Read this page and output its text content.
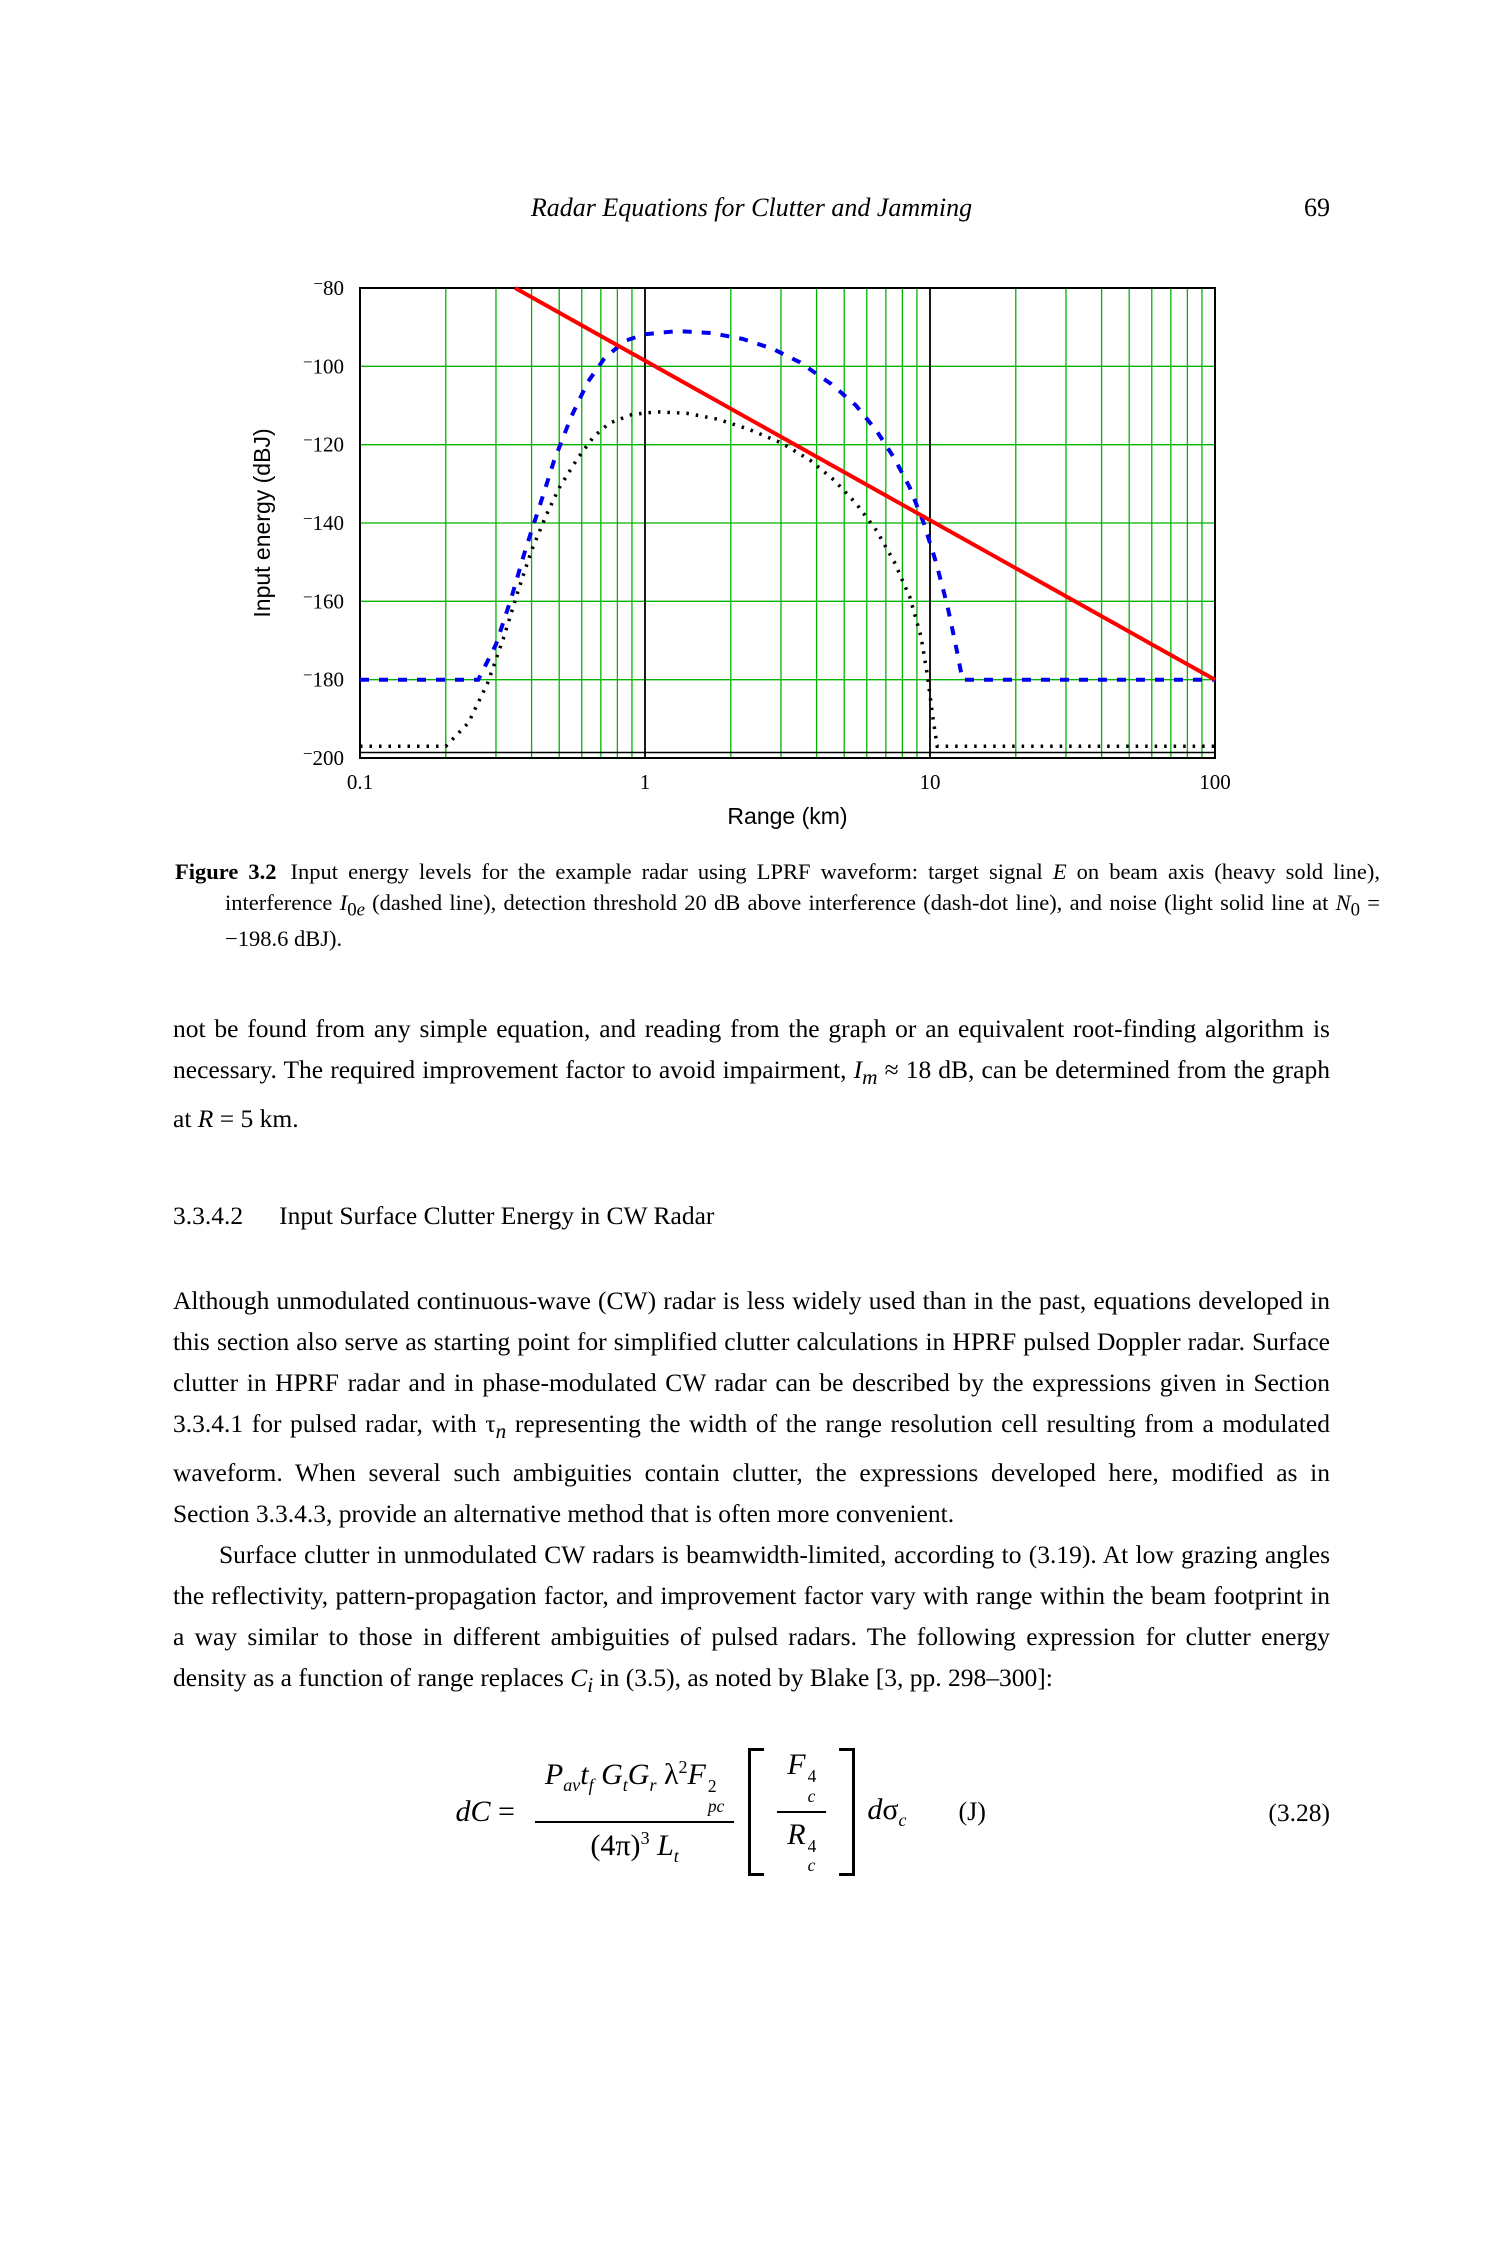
Radar Equations for Clutter and Jamming	69
−80
−100
−120
−140
−160
−180
−200
0.1	1	10	100
Range (km)
Input energy (dBJ)
Figure 3.2 Input energy levels for the example radar using LPRF waveform: target signal E on beam axis (heavy sold line), interference $I_{0e}$ (dashed line), detection threshold 20 dB above interference (dash-dot line), and noise (light solid line at $N_0 = -198.6$ dBJ).

not be found from any simple equation, and reading from the graph or an equivalent root-finding algorithm is necessary. The required improvement factor to avoid impairment, $I_m \approx 18$ dB, can be determined from the graph at R = 5 km.

3.3.4.2 Input Surface Clutter Energy in CW Radar

Although unmodulated continuous-wave (CW) radar is less widely used than in the past, equations developed in this section also serve as starting point for simplified clutter calculations in HPRF pulsed Doppler radar. Surface clutter in HPRF radar and in phase-modulated CW radar can be described by the expressions given in Section 3.3.4.1 for pulsed radar, with $\tau_n$ representing the width of the range resolution cell resulting from a modulated waveform. When several such ambiguities contain clutter, the expressions developed here, modified as in Section 3.3.4.3, provide an alternative method that is often more convenient.

Surface clutter in unmodulated CW radars is beamwidth-limited, according to (3.19). At low grazing angles the reflectivity, pattern-propagation factor, and improvement factor vary with range within the beam footprint in a way similar to those in different ambiguities of pulsed radars. The following expression for clutter energy density as a function of range replaces $C_i$ in (3.5), as noted by Blake [3, pp. 298–300]:

dC = $P_{av}t_f$ $G_tG_r$ $\lambda^2F$ 2
pc
$(4\pi)^3$ $L_t$ F 4
c
R 4
c $d\sigma_c$ (J)	(3.28)
